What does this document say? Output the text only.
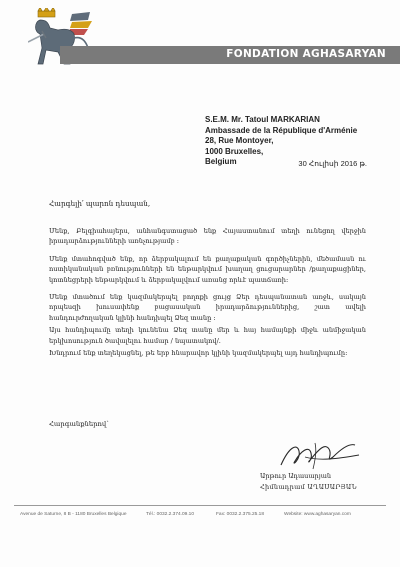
FONDATION AGHASARYAN
S.E.M. Mr. Tatoul MARKARIAN
Ambassade de la République d'Arménie
28, Rue Montoyer,
1000 Bruxelles,
Belgium	30 Հուլիսի 2016 թ.
Հարգելի՛ պարոն դեսպան,

Մենք, Բելգիահայերս, անհանգստացած ենք Հայաստանում տեղի ունեցող վերջին իրադարձությունների առնչությամբ :

Մենք մտահոգված ենք, որ ձերբակալում են քաղաքական գործիչներին, մեծամասն ու ոստիկանական բռնությունների են ենթարկվում խաղաղ ցուցարարներ /քաղաքացիներ, կոտնեցրերի ենթարկվում և ձերբակալվում առանց որևէ պատճառի:

Մենք մտածում ենք կազմակերպել բողոքի ցույց Ձեր դեսպանատան առջև, սակայն որպեսզի խուսափենք բացասական իրադարձություններից, շատ ավելի հանդուրժողական կլինի հանդիպել Ձեզ տանը :

Այս հանդիպումը տեղի կունենա Ձեզ տանը մեր և հայ համայնքի միջև անմիջական երկխոսություն ծավալելու համար / նպատակով/.

Խնդրում ենք տեղեկացնել, թե երբ հնարավոր կլինի կազմակերպել այդ հանդիպումը:

Հարգանքներով՝
Արթուր Ադասարյան
Հիմնադրամ ԱՂԱՍԱՐՅԱՆ
Avenue de Saturne, 8 B - 1180 Bruxelles Belgique	Tél.: 0032.2.374.09.10	Fax: 0032.2.375.25.18	Website: www.aghasaryan.com
